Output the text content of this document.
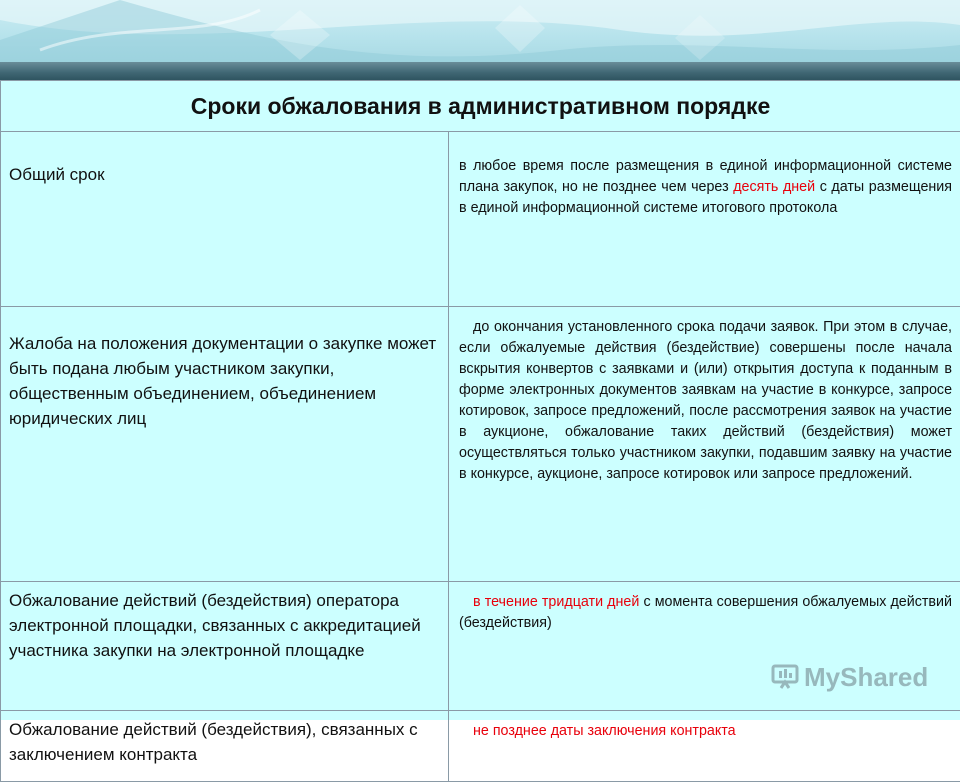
Сроки обжалования в административном порядке	
Общий срок	в любое время после размещения в единой информационной системе плана закупок, но не позднее чем через десять дней с даты размещения в единой информационной системе итогового протокола
Жалоба на положения документации о закупке может быть подана любым участником закупки, общественным объединением, объединением юридических лиц	до окончания установленного срока подачи заявок. При этом в случае, если обжалуемые действия (бездействие) совершены после начала вскрытия конвертов с заявками и (или) открытия доступа к поданным в форме электронных документов заявкам на участие в конкурсе, запросе котировок, запросе предложений, после рассмотрения заявок на участие в аукционе, обжалование таких действий (бездействия) может осуществляться только участником закупки, подавшим заявку на участие в конкурсе, аукционе, запросе котировок или запросе предложений.
Обжалование действий (бездействия) оператора электронной площадки, связанных с аккредитацией участника закупки на электронной площадке	в течение тридцати дней с момента совершения обжалуемых действий (бездействия)
Обжалование действий (бездействия), связанных с заключением контракта	не позднее даты заключения контракта
MyShared
